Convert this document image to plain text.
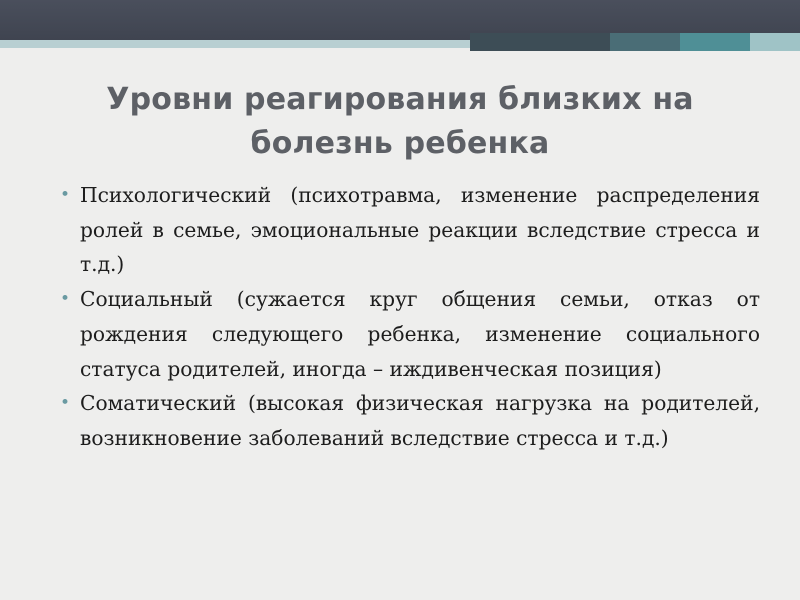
Уровни реагирования близких на
болезнь ребенка
• Психологический (психотравма, изменение распределения ролей в семье, эмоциональные реакции вследствие стресса и т.д.)
• Социальный (сужается круг общения семьи, отказ от рождения следующего ребенка, изменение социального статуса родителей, иногда – иждивенческая позиция)
• Соматический (высокая физическая нагрузка на родителей, возникновение заболеваний вследствие стресса и т.д.)
